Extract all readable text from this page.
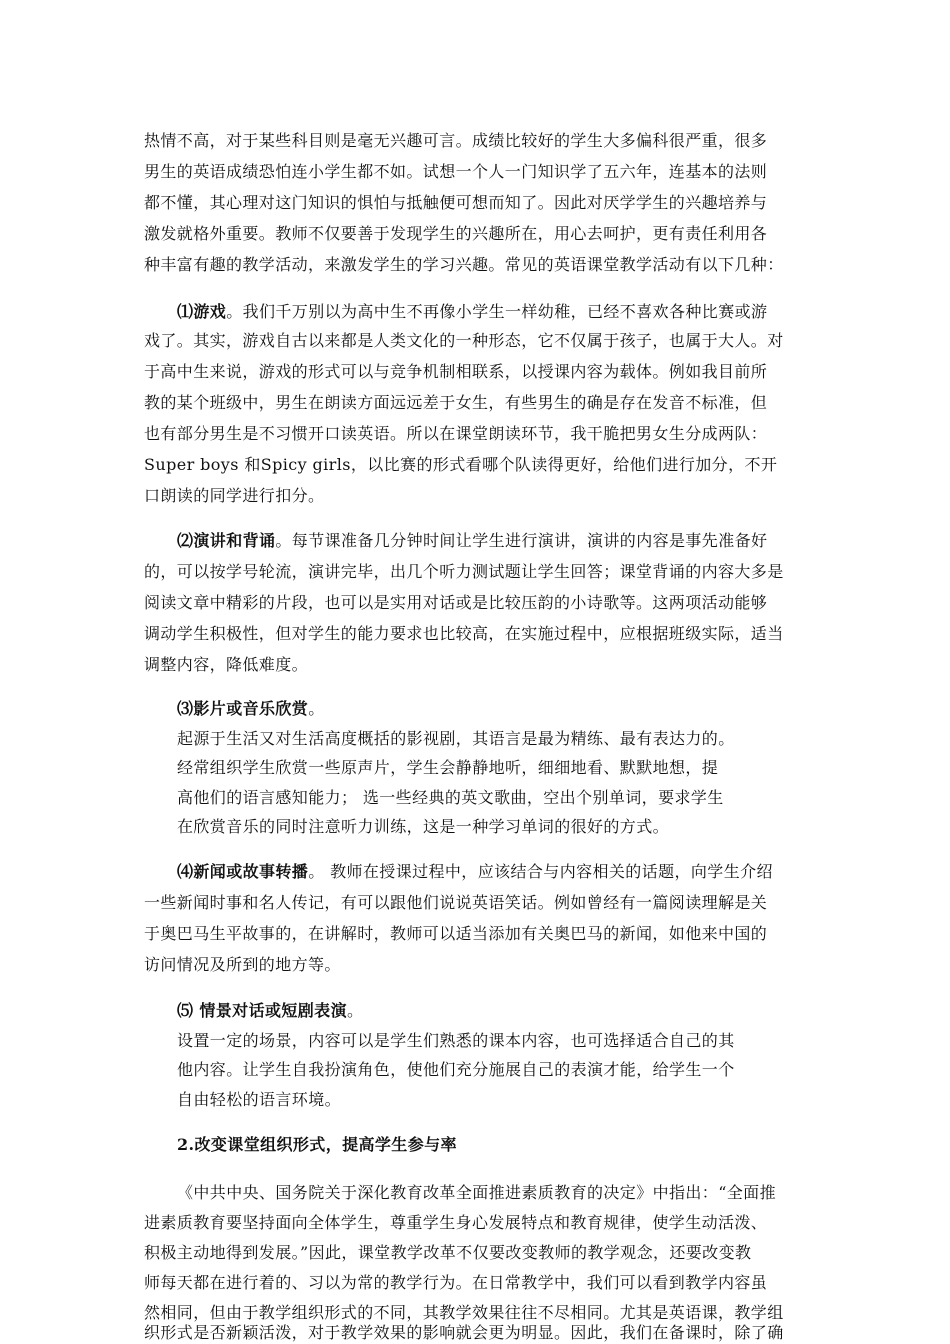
热情不高，对于某些科目则是毫无兴趣可言。成绩比较好的学生大多偏科很严重，很多
男生的英语成绩恐怕连小学生都不如。试想一个人一门知识学了五六年，连基本的法则
都不懂，其心理对这门知识的惧怕与抵触便可想而知了。因此对厌学学生的兴趣培养与
激发就格外重要。教师不仅要善于发现学生的兴趣所在，用心去呵护，更有责任利用各
种丰富有趣的教学活动，来激发学生的学习兴趣。常见的英语课堂教学活动有以下几种：
⑴游戏。我们千万别以为高中生不再像小学生一样幼稚，已经不喜欢各种比赛或游
戏了。其实，游戏自古以来都是人类文化的一种形态，它不仅属于孩子，也属于大人。对
于高中生来说，游戏的形式可以与竞争机制相联系，以授课内容为载体。例如我目前所
教的某个班级中，男生在朗读方面远远差于女生，有些男生的确是存在发音不标准，但
也有部分男生是不习惯开口读英语。所以在课堂朗读环节，我干脆把男女生分成两队：
Super boys 和Spicy girls，以比赛的形式看哪个队读得更好，给他们进行加分，不开
口朗读的同学进行扣分。
⑵演讲和背诵。每节课准备几分钟时间让学生进行演讲，演讲的内容是事先准备好
的，可以按学号轮流，演讲完毕，出几个听力测试题让学生回答；课堂背诵的内容大多是
阅读文章中精彩的片段，也可以是实用对话或是比较压韵的小诗歌等。这两项活动能够
调动学生积极性，但对学生的能力要求也比较高，在实施过程中，应根据班级实际，适当
调整内容，降低难度。
⑶影片或音乐欣赏。
起源于生活又对生活高度概括的影视剧，其语言是最为精练、最有表达力的。
经常组织学生欣赏一些原声片，学生会静静地听，细细地看、默默地想，提
高他们的语言感知能力； 选一些经典的英文歌曲，空出个别单词，要求学生
在欣赏音乐的同时注意听力训练，这是一种学习单词的很好的方式。
⑷新闻或故事转播。 教师在授课过程中，应该结合与内容相关的话题，向学生介绍
一些新闻时事和名人传记，有可以跟他们说说英语笑话。例如曾经有一篇阅读理解是关
于奥巴马生平故事的，在讲解时，教师可以适当添加有关奥巴马的新闻，如他来中国的
访问情况及所到的地方等。
⑸ 情景对话或短剧表演。
设置一定的场景，内容可以是学生们熟悉的课本内容，也可选择适合自己的其
他内容。让学生自我扮演角色，使他们充分施展自己的表演才能，给学生一个
自由轻松的语言环境。
2.改变课堂组织形式，提高学生参与率
《中共中央、国务院关于深化教育改革全面推进素质教育的决定》中指出：“全面推
进素质教育要坚持面向全体学生，尊重学生身心发展特点和教育规律，使学生动活泼、
积极主动地得到发展。”因此，课堂教学改革不仅要改变教师的教学观念，还要改变教
师每天都在进行着的、习以为常的教学行为。在日常教学中，我们可以看到教学内容虽
然相同，但由于教学组织形式的不同，其教学效果往往不尽相同。尤其是英语课，教学组
织形式是否新颖活泼，对于教学效果的影响就会更为明显。因此，我们在备课时，除了确
